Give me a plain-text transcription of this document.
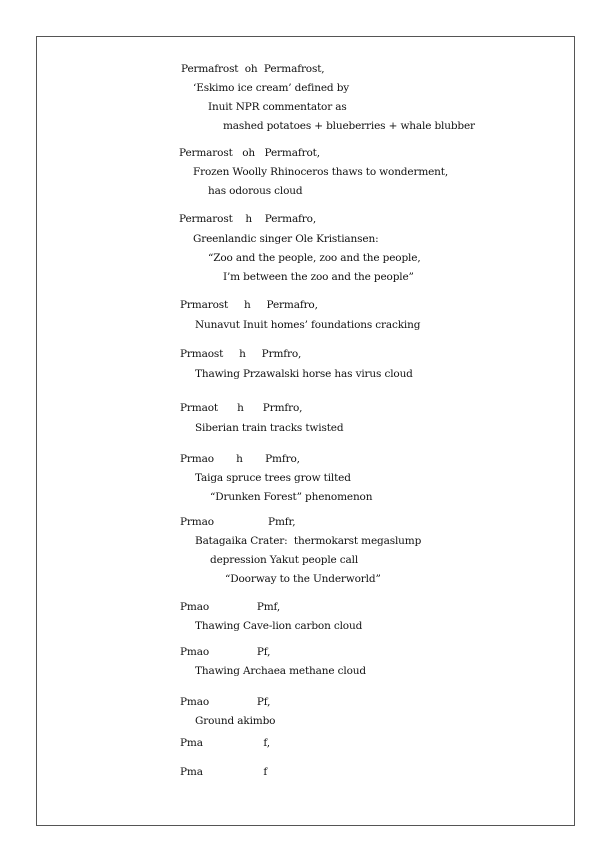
Permafrost  oh  Permafrost,
‘Eskimo ice cream’ defined by
Inuit NPR commentator as
mashed potatoes + blueberries + whale blubber
Permarost   oh   Permafrot,
Frozen Woolly Rhinoceros thaws to wonderment,
has odorous cloud
Permarost    h    Permafro,
Greenlandic singer Ole Kristiansen:
“Zoo and the people, zoo and the people,
I’m between the zoo and the people”
Prmarost     h     Permafro,
Nunavut Inuit homes’ foundations cracking
Prmaost     h     Prmfro,
Thawing Przawalski horse has virus cloud
Prmaot      h      Prmfro,
Siberian train tracks twisted
Prmao       h       Pmfro,
Taiga spruce trees grow tilted
“Drunken Forest” phenomenon
Prmao                 Pmfr,
Batagaika Crater:  thermokarst megaslump
depression Yakut people call
“Doorway to the Underworld”
Pmao               Pmf,
Thawing Cave-lion carbon cloud
Pmao               Pf,
Thawing Archaea methane cloud
Pmao               Pf,
Ground akimbo
Pma                   f,
Pma                   f
